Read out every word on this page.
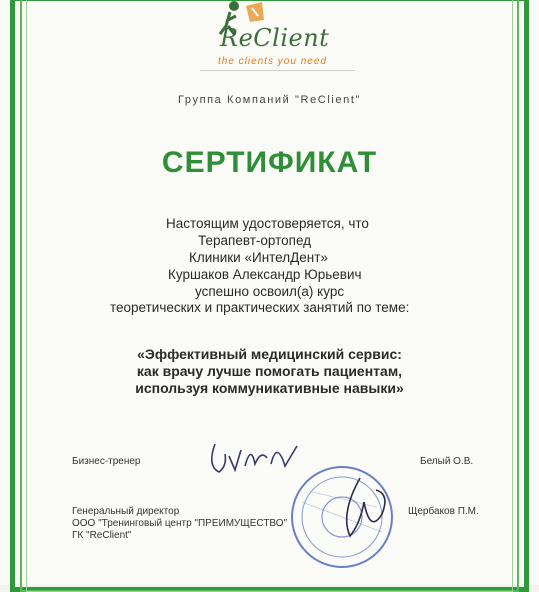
ReClient
the clients you need
Группа Компаний "ReClient"
СЕРТИФИКАТ
Настоящим удостоверяется, что
Терапевт-ортопед
Клиники «ИнтелДент»
Куршаков Александр Юрьевич
успешно освоил(а) курс
теоретических и практических занятий по теме:
«Эффективный медицинский сервис:
как врачу лучше помогать пациентам,
используя коммуникативные навыки»
Бизнес-тренер	Белый О.В.
Генеральный директор
ООО "Тренинговый центр "ПРЕИМУЩЕСТВО"
ГК "ReClient"
Щербаков П.М.
